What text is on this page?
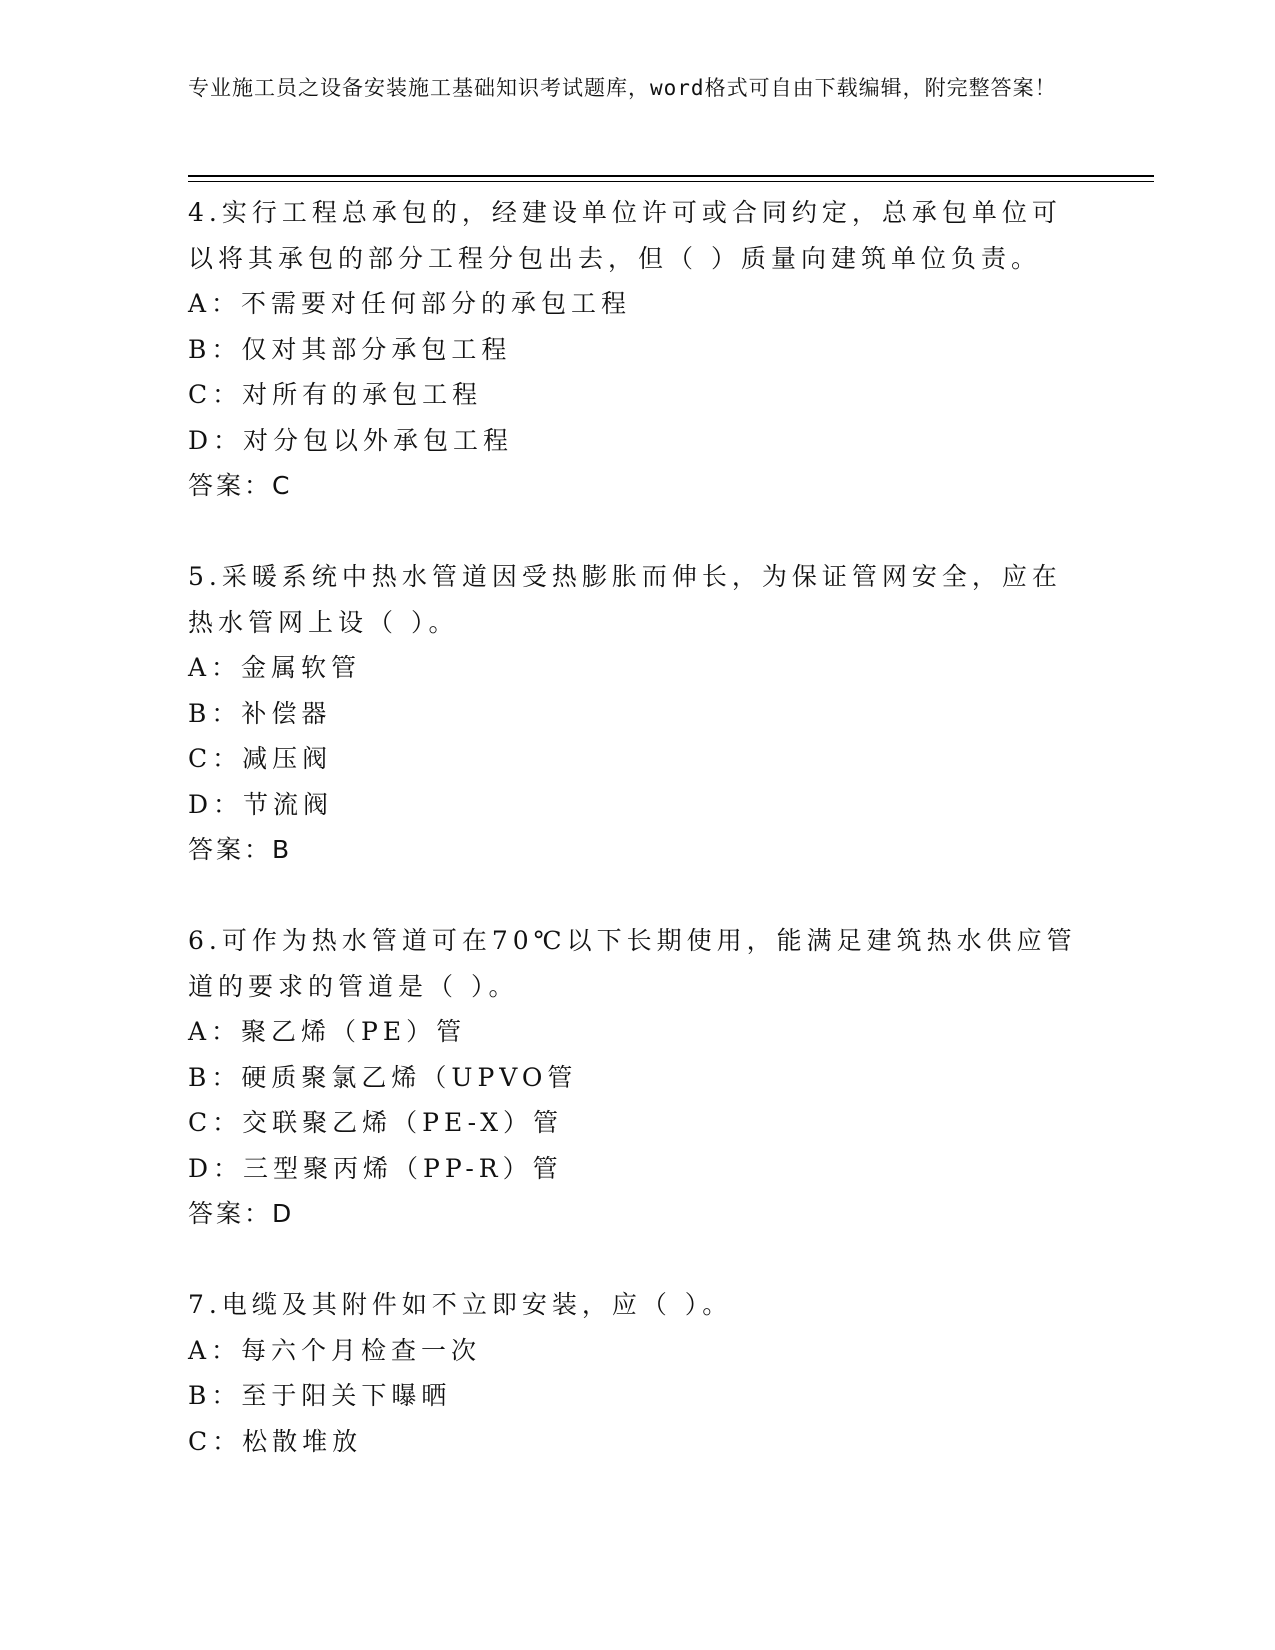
专业施工员之设备安装施工基础知识考试题库，word格式可自由下载编辑，附完整答案！
4.实行工程总承包的，经建设单位许可或合同约定，总承包单位可以将其承包的部分工程分包出去，但（ ）质量向建筑单位负责。
A：不需要对任何部分的承包工程
B：仅对其部分承包工程
C：对所有的承包工程
D：对分包以外承包工程
答案：C
5.采暖系统中热水管道因受热膨胀而伸长，为保证管网安全，应在热水管网上设（ ）。
A：金属软管
B：补偿器
C：减压阀
D：节流阀
答案：B
6.可作为热水管道可在70℃以下长期使用，能满足建筑热水供应管道的要求的管道是（ ）。
A：聚乙烯（PE）管
B：硬质聚氯乙烯（UPVO管
C：交联聚乙烯（PE-X）管
D：三型聚丙烯（PP-R）管
答案：D
7.电缆及其附件如不立即安装，应（ ）。
A：每六个月检查一次
B：至于阳关下曝晒
C：松散堆放
